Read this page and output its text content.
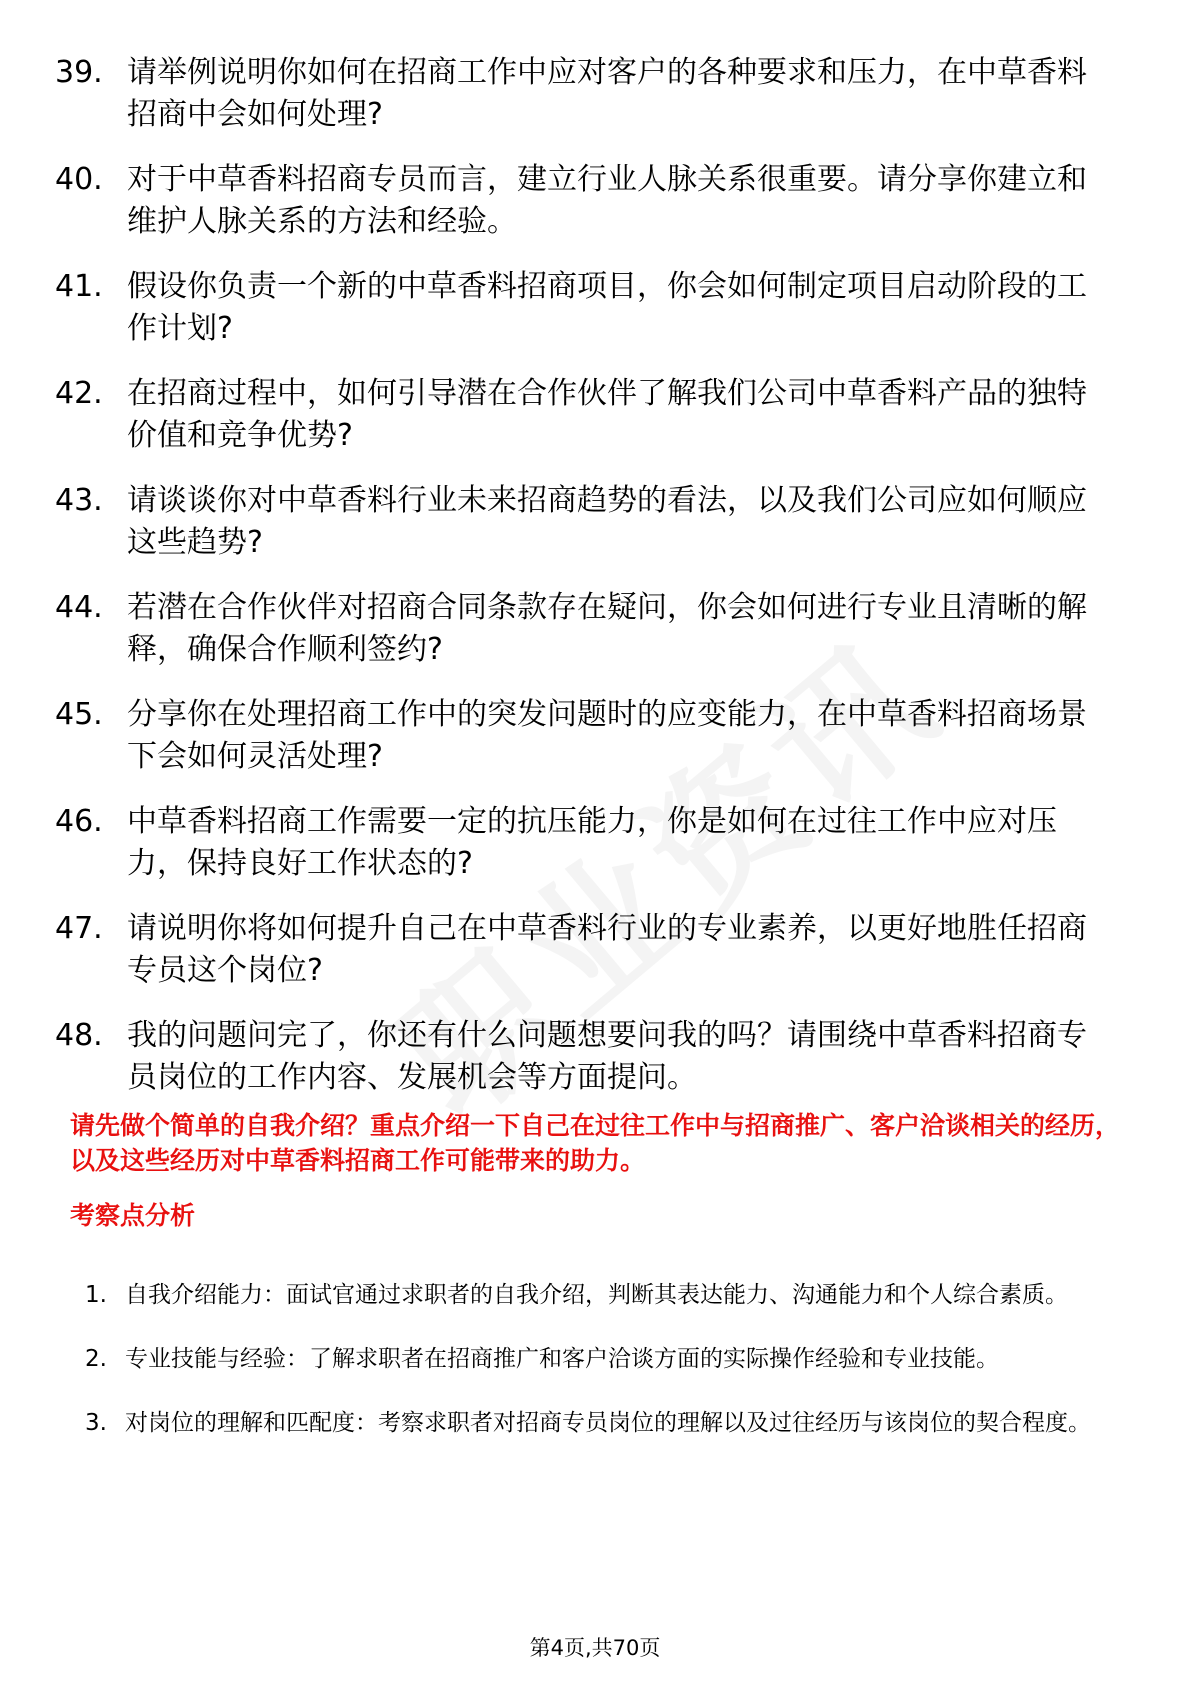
39. 请举例说明你如何在招商工作中应对客户的各种要求和压力，在中草香料招商中会如何处理?
40. 对于中草香料招商专员而言，建立行业人脉关系很重要。请分享你建立和维护人脉关系的方法和经验。
41. 假设你负责一个新的中草香料招商项目，你会如何制定项目启动阶段的工作计划?
42. 在招商过程中，如何引导潜在合作伙伴了解我们公司中草香料产品的独特价值和竞争优势?
43. 请谈谈你对中草香料行业未来招商趋势的看法，以及我们公司应如何顺应这些趋势?
44. 若潜在合作伙伴对招商合同条款存在疑问，你会如何进行专业且清晰的解释，确保合作顺利签约?
45. 分享你在处理招商工作中的突发问题时的应变能力，在中草香料招商场景下会如何灵活处理?
46. 中草香料招商工作需要一定的抗压能力，你是如何在过往工作中应对压力，保持良好工作状态的?
47. 请说明你将如何提升自己在中草香料行业的专业素养，以更好地胜任招商专员这个岗位?
48. 我的问题问完了，你还有什么问题想要问我的吗？请围绕中草香料招商专员岗位的工作内容、发展机会等方面提问。
请先做个简单的自我介绍？重点介绍一下自己在过往工作中与招商推广、客户洽谈相关的经历，以及这些经历对中草香料招商工作可能带来的助力。
考察点分析
1. 自我介绍能力：面试官通过求职者的自我介绍，判断其表达能力、沟通能力和个人综合素质。
2. 专业技能与经验：了解求职者在招商推广和客户洽谈方面的实际操作经验和专业技能。
3. 对岗位的理解和匹配度：考察求职者对招商专员岗位的理解以及过往经历与该岗位的契合程度。
第4页,共70页
